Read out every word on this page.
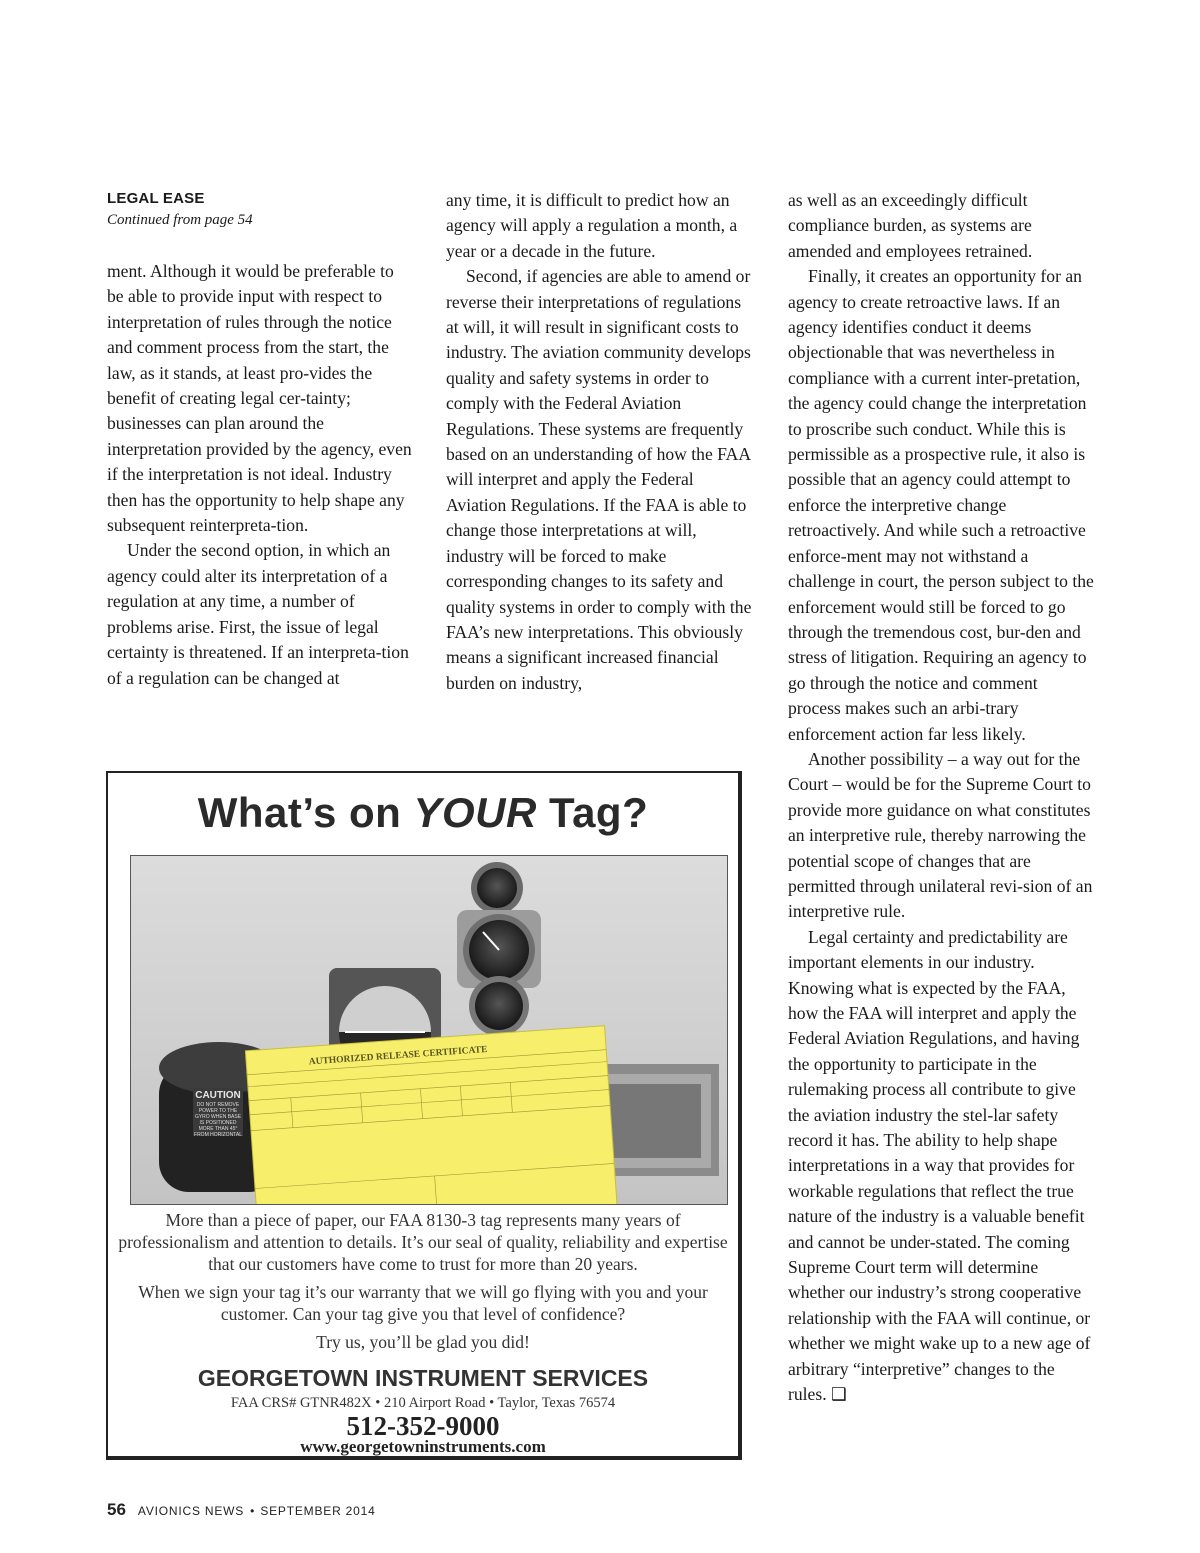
LEGAL EASE
Continued from page 54

ment. Although it would be preferable to be able to provide input with respect to interpretation of rules through the notice and comment process from the start, the law, as it stands, at least pro-vides the benefit of creating legal cer-tainty; businesses can plan around the interpretation provided by the agency, even if the interpretation is not ideal. Industry then has the opportunity to help shape any subsequent reinterpreta-tion.

Under the second option, in which an agency could alter its interpretation of a regulation at any time, a number of problems arise. First, the issue of legal certainty is threatened. If an interpreta-tion of a regulation can be changed at

any time, it is difficult to predict how an agency will apply a regulation a month, a year or a decade in the future.

Second, if agencies are able to amend or reverse their interpretations of regulations at will, it will result in significant costs to industry. The aviation community develops quality and safety systems in order to comply with the Federal Aviation Regulations. These systems are frequently based on an understanding of how the FAA will interpret and apply the Federal Aviation Regulations. If the FAA is able to change those interpretations at will, industry will be forced to make corresponding changes to its safety and quality systems in order to comply with the FAA’s new interpretations. This obviously means a significant increased financial burden on industry,

as well as an exceedingly difficult compliance burden, as systems are amended and employees retrained.

Finally, it creates an opportunity for an agency to create retroactive laws. If an agency identifies conduct it deems objectionable that was nevertheless in compliance with a current inter-pretation, the agency could change the interpretation to proscribe such conduct. While this is permissible as a prospective rule, it also is possible that an agency could attempt to enforce the interpretive change retroactively. And while such a retroactive enforce-ment may not withstand a challenge in court, the person subject to the enforcement would still be forced to go through the tremendous cost, bur-den and stress of litigation. Requiring an agency to go through the notice and comment process makes such an arbi-trary enforcement action far less likely.

Another possibility – a way out for the Court – would be for the Supreme Court to provide more guidance on what constitutes an interpretive rule, thereby narrowing the potential scope of changes that are permitted through unilateral revi-sion of an interpretive rule.

Legal certainty and predictability are important elements in our industry. Knowing what is expected by the FAA, how the FAA will interpret and apply the Federal Aviation Regulations, and having the opportunity to participate in the rulemaking process all contribute to give the aviation industry the stel-lar safety record it has. The ability to help shape interpretations in a way that provides for workable regulations that reflect the true nature of the industry is a valuable benefit and cannot be under-stated. The coming Supreme Court term will determine whether our industry’s strong cooperative relationship with the FAA will continue, or whether we might wake up to a new age of arbitrary “interpretive” changes to the rules. ❑

What’s on YOUR Tag?
CAUTION
DO NOT REMOVE POWER TO THE GYRO WHEN BASE IS POSITIONED MORE THAN 45° FROM HORIZONTAL
AUTHORIZED RELEASE CERTIFICATE

More than a piece of paper, our FAA 8130-3 tag represents many years of professionalism and attention to details. It’s our seal of quality, reliability and expertise that our customers have come to trust for more than 20 years.

When we sign your tag it’s our warranty that we will go flying with you and your customer. Can your tag give you that level of confidence?

Try us, you’ll be glad you did!

GEORGETOWN INSTRUMENT SERVICES
FAA CRS# GTNR482X • 210 Airport Road • Taylor, Texas 76574
512-352-9000
www.georgetowninstruments.com
56 AVIONICS NEWS • SEPTEMBER 2014
